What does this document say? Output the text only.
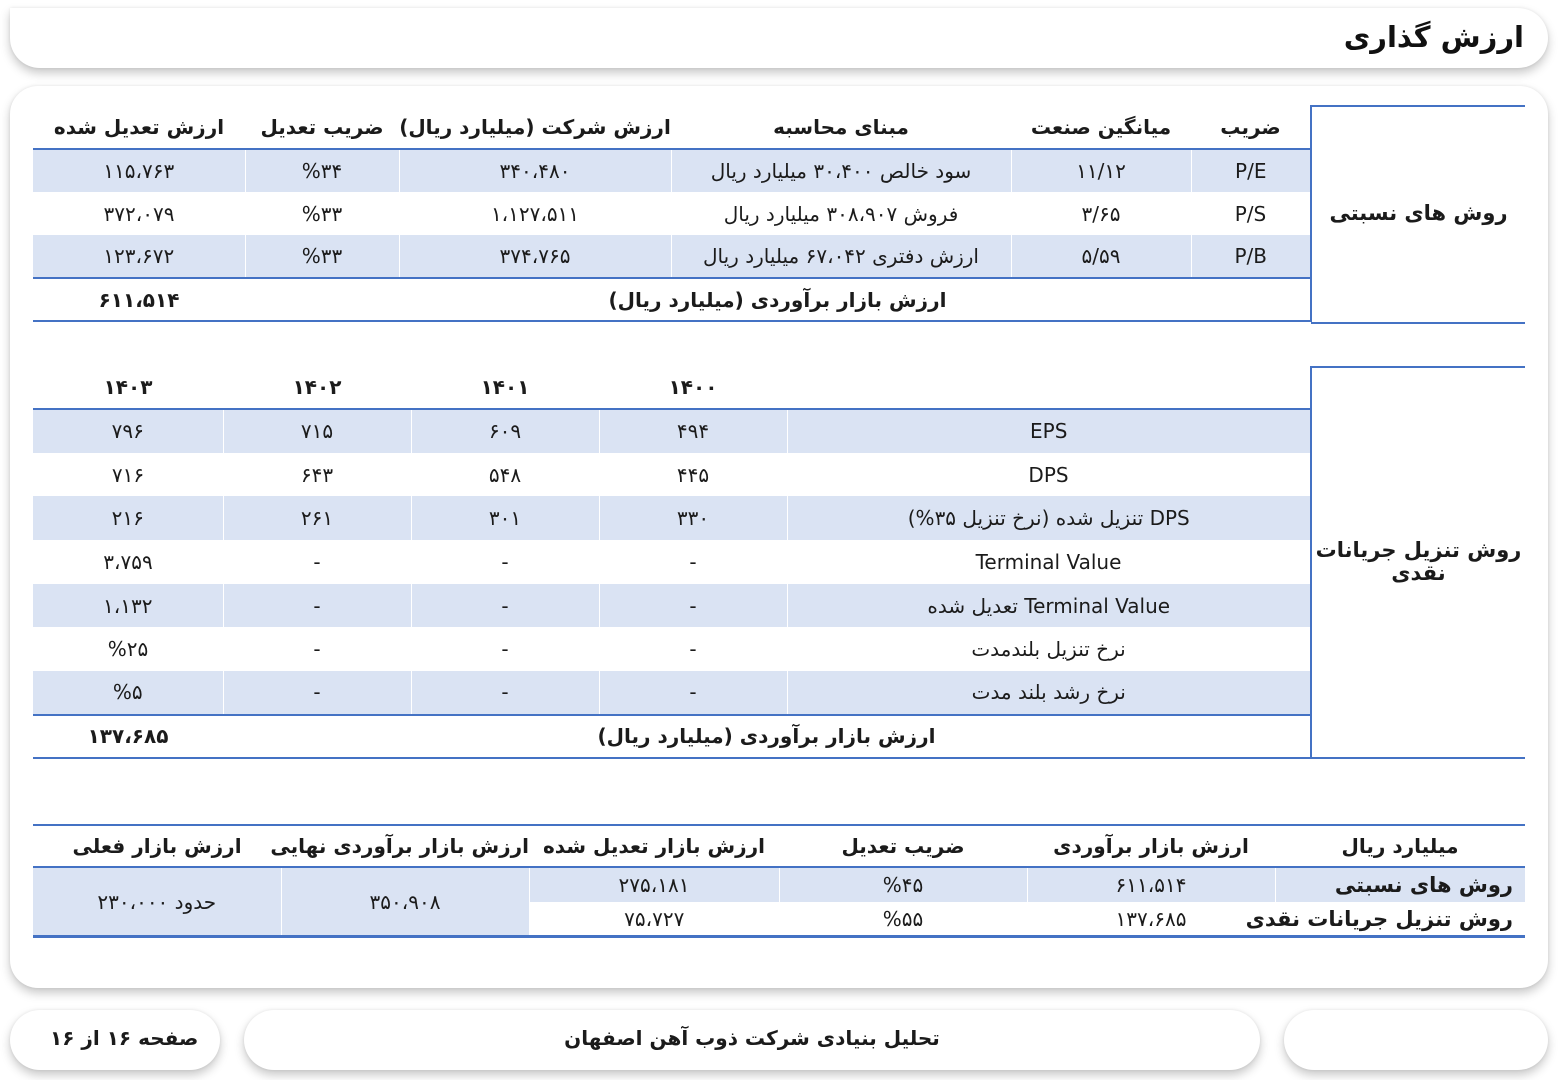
ارزش گذاری
روش های نسبتی	ضریب	میانگین صنعت	مبنای محاسبه	ارزش شرکت (میلیارد ریال)	ضریب تعدیل	ارزش تعدیل شده
	P/E	۱۱/۱۲	سود خالص ۳۰،۴۰۰ میلیارد ریال	۳۴۰،۴۸۰	%۳۴	۱۱۵،۷۶۳
	P/S	۳/۶۵	فروش ۳۰۸،۹۰۷ میلیارد ریال	۱،۱۲۷،۵۱۱	%۳۳	۳۷۲،۰۷۹
	P/B	۵/۵۹	ارزش دفتری ۶۷،۰۴۲ میلیارد ریال	۳۷۴،۷۶۵	%۳۳	۱۲۳،۶۷۲
	ارزش بازار برآوردی (میلیارد ریال)					۶۱۱،۵۱۴
روش تنزیل جریانات نقدی		۱۴۰۰	۱۴۰۱	۱۴۰۲	۱۴۰۳
	EPS	۴۹۴	۶۰۹	۷۱۵	۷۹۶
	DPS	۴۴۵	۵۴۸	۶۴۳	۷۱۶
	DPS تنزیل شده (نرخ تنزیل ۳۵%)	۳۳۰	۳۰۱	۲۶۱	۲۱۶
	Terminal Value	-	-	-	۳،۷۵۹
	Terminal Value تعدیل شده	-	-	-	۱،۱۳۲
	نرخ تنزیل بلندمدت	-	-	-	%۲۵
	نرخ رشد بلند مدت	-	-	-	%۵
	ارزش بازار برآوردی (میلیارد ریال)				۱۳۷،۶۸۵
میلیارد ریال	ارزش بازار برآوردی	ضریب تعدیل	ارزش بازار تعدیل شده	ارزش بازار برآوردی نهایی	ارزش بازار فعلی
روش های نسبتی	۶۱۱،۵۱۴	%۴۵	۲۷۵،۱۸۱	۳۵۰،۹۰۸	حدود ۲۳۰،۰۰۰
روش تنزیل جریانات نقدی	۱۳۷،۶۸۵	%۵۵	۷۵،۷۲۷		
صفحه ۱۶ از ۱۶	تحلیل بنیادی شرکت ذوب آهن اصفهان
